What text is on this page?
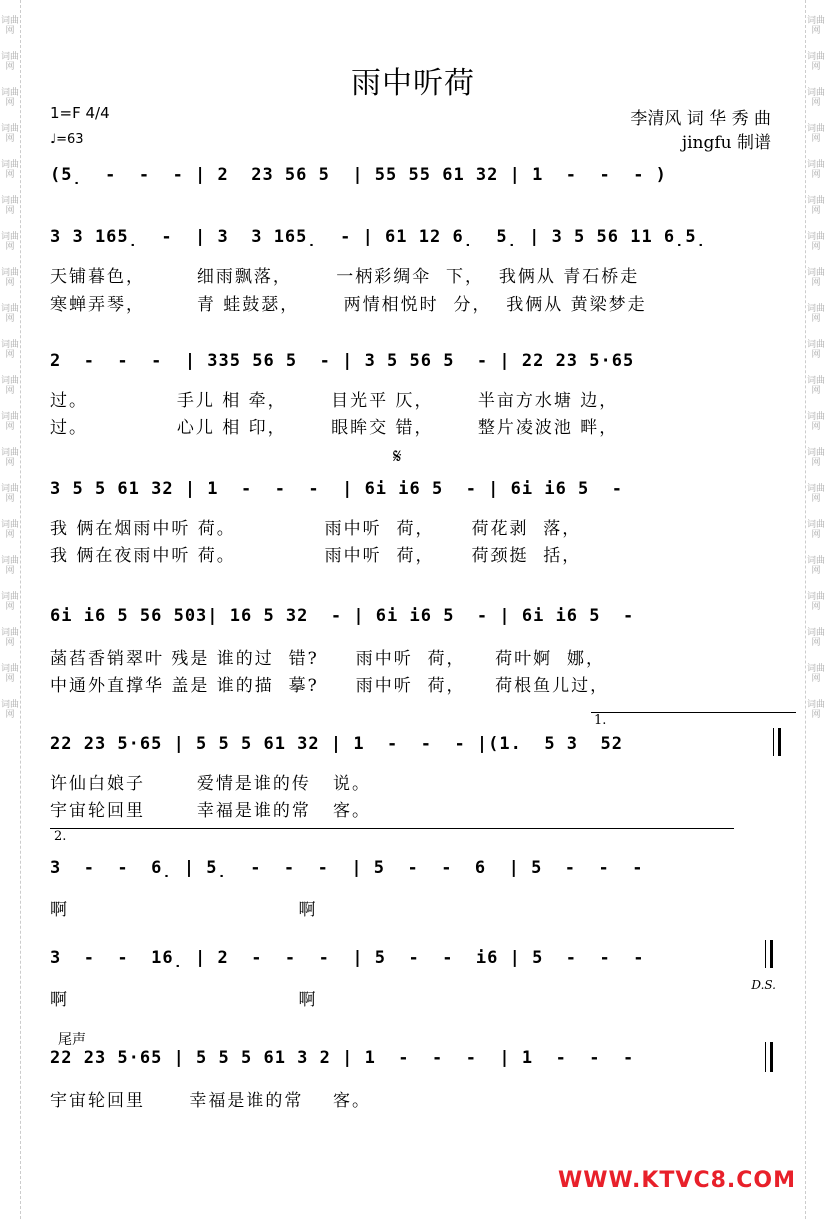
词曲网
词曲网
词曲网
词曲网
词曲网
词曲网
词曲网
词曲网
词曲网
词曲网
词曲网
词曲网
词曲网
词曲网
词曲网
词曲网
词曲网
词曲网
词曲网
词曲网
词曲网
词曲网
词曲网
词曲网
词曲网
词曲网
词曲网
词曲网
词曲网
词曲网
词曲网
词曲网
词曲网
词曲网
词曲网
词曲网
词曲网
词曲网
词曲网
词曲网
雨中听荷
1=F 4/4
♩=63
李清风 词 华 秀 曲
jingfu 制谱
(5̣  -  -  - | 2  23 56 5  | 55 55 61 32 | 1  -  -  - )
3 3 165̣  -  | 3  3 165̣  - | 61 12 6̣  5̣ | 3 5 56 11 6̣5̣
天铺暮色，       细雨飘落，      一柄彩绸伞  下，  我俩从 青石桥走
寒蝉弄琴，       青 蛙鼓瑟，      两情相悦时  分，  我俩从 黄梁梦走
2  -  -  -  | 335 56 5  - | 3 5 56 5  - | 22 23 5·65
过。            手儿 相 牵，      目光平 仄，      半亩方水塘 边，
过。            心儿 相 印，      眼眸交 错，      整片凌波池 畔，
𝄋
3 5 5 61 32 | 1  -  -  -  | 6i i6 5  - | 6i i6 5  -
我 俩在烟雨中听 荷。            雨中听  荷，     荷花剥  落，
我 俩在夜雨中听 荷。            雨中听  荷，     荷颈挺  括，
6i i6 5 56 503| 16 5 32  - | 6i i6 5  - | 6i i6 5  -
菡萏香销翠叶 残是 谁的过  错?     雨中听  荷，    荷叶婀  娜，
中通外直撑华 盖是 谁的描  摹?     雨中听  荷，    荷根鱼儿过，
1.
22 23 5·65 | 5 5 5 61 32 | 1  -  -  - |(1.  5 3  52
许仙白娘子       爱情是谁的传   说。
宇宙轮回里       幸福是谁的常   客。
2.
3  -  -  6̣ | 5̣  -  -  -  | 5  -  -  6  | 5  -  -  -
啊                               啊
3  -  -  16̣ | 2  -  -  -  | 5  -  -  i6 | 5  -  -  -
D.S.
啊                               啊
尾声
22 23 5·65 | 5 5 5 61 3 2 | 1  -  -  -  | 1  -  -  -
宇宙轮回里      幸福是谁的常    客。
WWW.KTVC8.COM
